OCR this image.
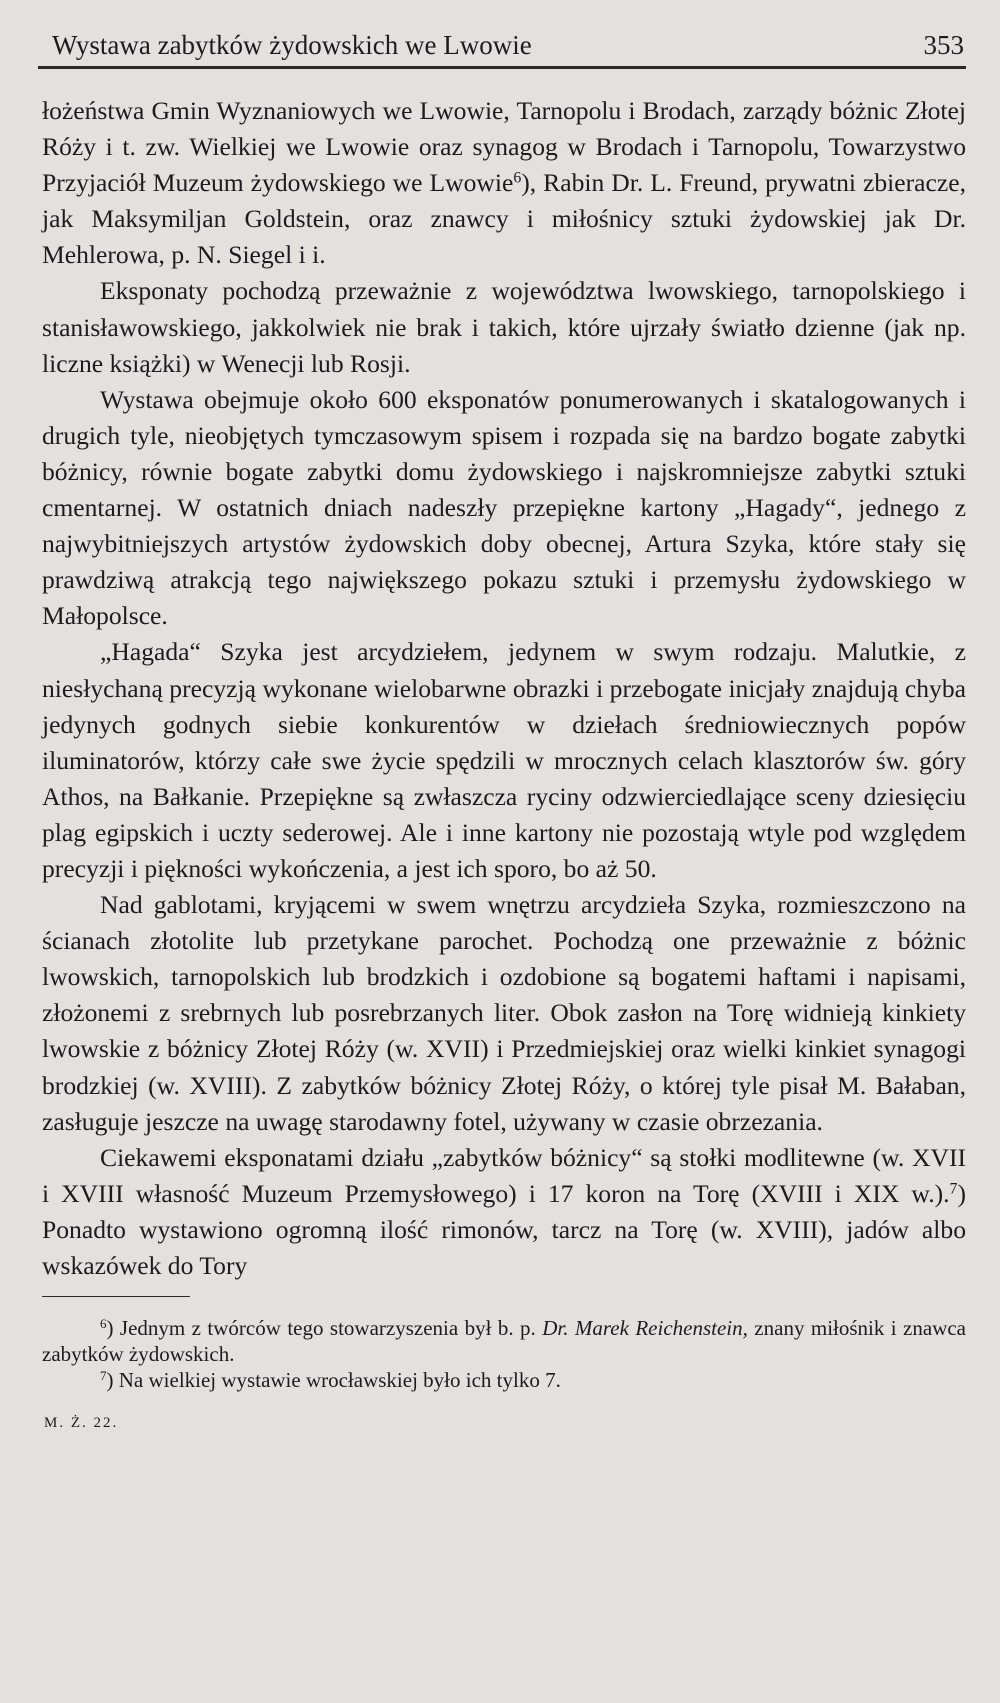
Wystawa zabytków żydowskich we Lwowie	353

łożeństwa Gmin Wyznaniowych we Lwowie, Tarnopolu i Brodach, zarządy bóżnic Złotej Róży i t. zw. Wielkiej we Lwowie oraz synagog w Brodach i Tarnopolu, Towarzystwo Przyjaciół Muzeum żydowskiego we Lwowie$^6$), Rabin Dr. L. Freund, prywatni zbieracze, jak Maksymiljan Goldstein, oraz znawcy i miłośnicy sztuki żydowskiej jak Dr. Mehlerowa, p. N. Siegel i i.

Eksponaty pochodzą przeważnie z województwa lwowskiego, tarnopolskiego i stanisławowskiego, jakkolwiek nie brak i takich, które ujrzały światło dzienne (jak np. liczne książki) w Wenecji lub Rosji.

Wystawa obejmuje około 600 eksponatów ponumerowanych i skatalogowanych i drugich tyle, nieobjętych tymczasowym spisem i rozpada się na bardzo bogate zabytki bóżnicy, równie bogate zabytki domu żydowskiego i najskromniejsze zabytki sztuki cmentarnej. W ostatnich dniach nadeszły przepiękne kartony „Hagady“, jednego z najwybitniejszych artystów żydowskich doby obecnej, Artura Szyka, które stały się prawdziwą atrakcją tego największego pokazu sztuki i przemysłu żydowskiego w Małopolsce.

„Hagada“ Szyka jest arcydziełem, jedynem w swym rodzaju. Malutkie, z niesłychaną precyzją wykonane wielobarwne obrazki i przebogate inicjały znajdują chyba jedynych godnych siebie konkurentów w dziełach średniowiecznych popów iluminatorów, którzy całe swe życie spędzili w mrocznych celach klasztorów św. góry Athos, na Bałkanie. Przepiękne są zwłaszcza ryciny odzwierciedlające sceny dziesięciu plag egipskich i uczty sederowej. Ale i inne kartony nie pozostają wtyle pod względem precyzji i piękności wykończenia, a jest ich sporo, bo aż 50.

Nad gablotami, kryjącemi w swem wnętrzu arcydzieła Szyka, rozmieszczono na ścianach złotolite lub przetykane parochet. Pochodzą one przeważnie z bóżnic lwowskich, tarnopolskich lub brodzkich i ozdobione są bogatemi haftami i napisami, złożonemi z srebrnych lub posrebrzanych liter. Obok zasłon na Torę widnieją kinkiety lwowskie z bóżnicy Złotej Róży (w. XVII) i Przedmiejskiej oraz wielki kinkiet synagogi brodzkiej (w. XVIII). Z zabytków bóżnicy Złotej Róży, o której tyle pisał M. Bałaban, zasługuje jeszcze na uwagę starodawny fotel, używany w czasie obrzezania.

Ciekawemi eksponatami działu „zabytków bóżnicy“ są stołki modlitewne (w. XVII i XVIII własność Muzeum Przemysłowego) i 17 koron na Torę (XVIII i XIX w.).$^7$) Ponadto wystawiono ogromną ilość rimonów, tarcz na Torę (w. XVIII), jadów albo wskazówek do Tory

$^6$) Jednym z twórców tego stowarzyszenia był b. p. Dr. Marek Reichenstein, znany miłośnik i znawca zabytków żydowskich.

$^7$) Na wielkiej wystawie wrocławskiej było ich tylko 7.

M. Ż. 22.
